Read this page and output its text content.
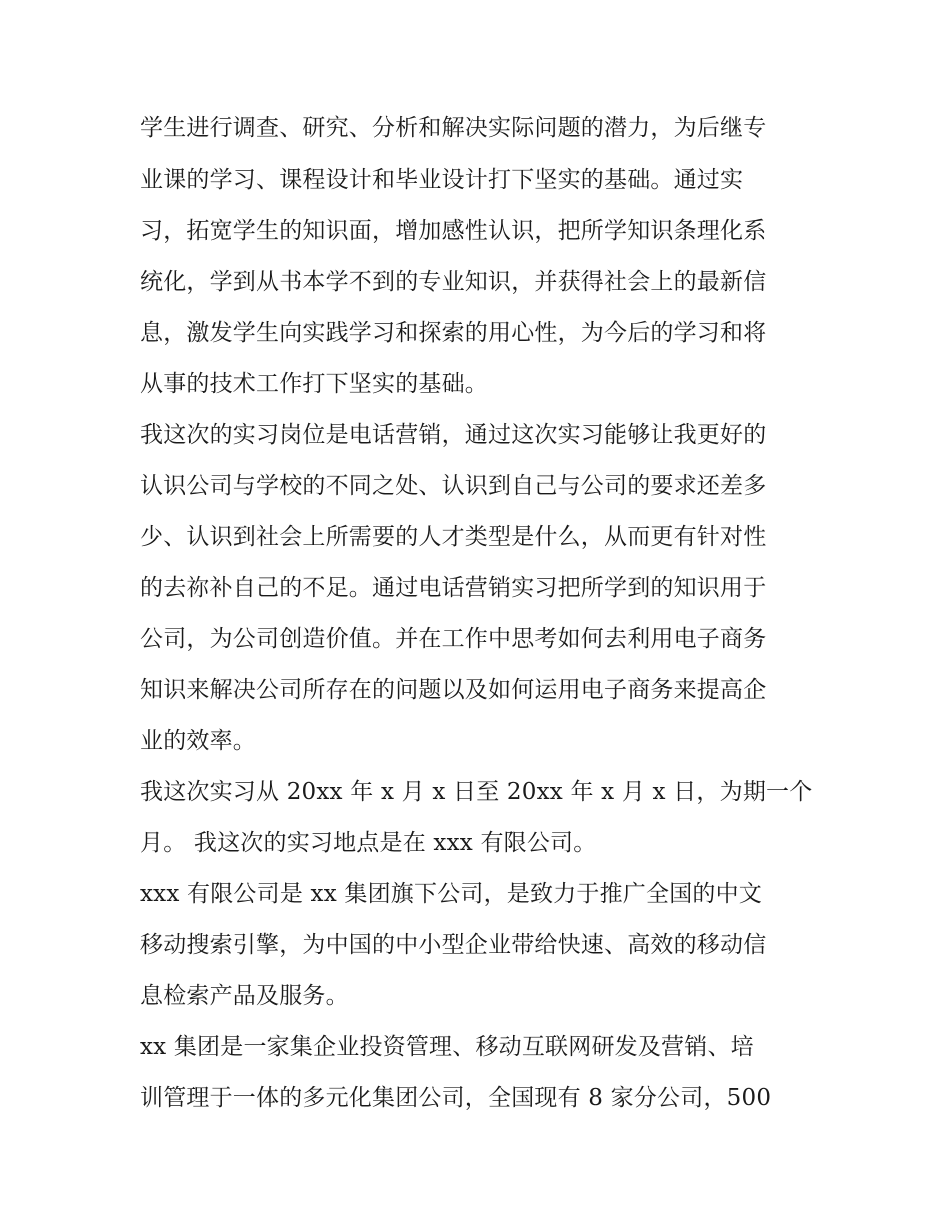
学生进行调查、研究、分析和解决实际问题的潜力，为后继专
业课的学习、课程设计和毕业设计打下坚实的基础。通过实
习，拓宽学生的知识面，增加感性认识，把所学知识条理化系
统化，学到从书本学不到的专业知识，并获得社会上的最新信
息，激发学生向实践学习和探索的用心性，为今后的学习和将
从事的技术工作打下坚实的基础。
我这次的实习岗位是电话营销，通过这次实习能够让我更好的
认识公司与学校的不同之处、认识到自己与公司的要求还差多
少、认识到社会上所需要的人才类型是什么，从而更有针对性
的去祢补自己的不足。通过电话营销实习把所学到的知识用于
公司，为公司创造价值。并在工作中思考如何去利用电子商务
知识来解决公司所存在的问题以及如何运用电子商务来提高企
业的效率。
我这次实习从 20xx 年 x 月 x 日至 20xx 年 x 月 x 日，为期一个
月。 我这次的实习地点是在 xxx 有限公司。
xxx 有限公司是 xx 集团旗下公司，是致力于推广全国的中文
移动搜索引擎，为中国的中小型企业带给快速、高效的移动信
息检索产品及服务。
xx 集团是一家集企业投资管理、移动互联网研发及营销、培
训管理于一体的多元化集团公司，全国现有 8 家分公司，500
